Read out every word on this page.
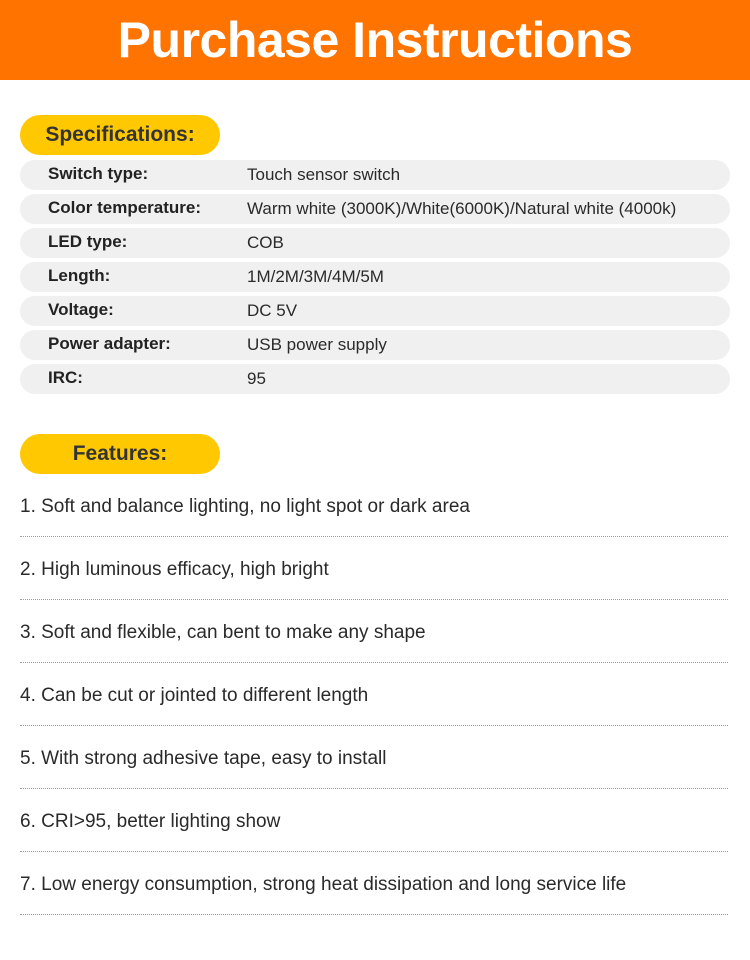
Purchase Instructions
Specifications:
Switch type:	Touch sensor switch
Color temperature:	Warm white (3000K)/White(6000K)/Natural white (4000k)
LED type:	COB
Length:	1M/2M/3M/4M/5M
Voltage:	DC 5V
Power adapter:	USB power supply
IRC:	95
Features:
1. Soft and balance lighting, no light spot or dark area
2. High luminous efficacy, high bright
3. Soft and flexible, can bent to make any shape
4. Can be cut or jointed to different length
5. With strong adhesive tape, easy to install
6. CRI>95, better lighting show
7. Low energy consumption, strong heat dissipation and long service life
